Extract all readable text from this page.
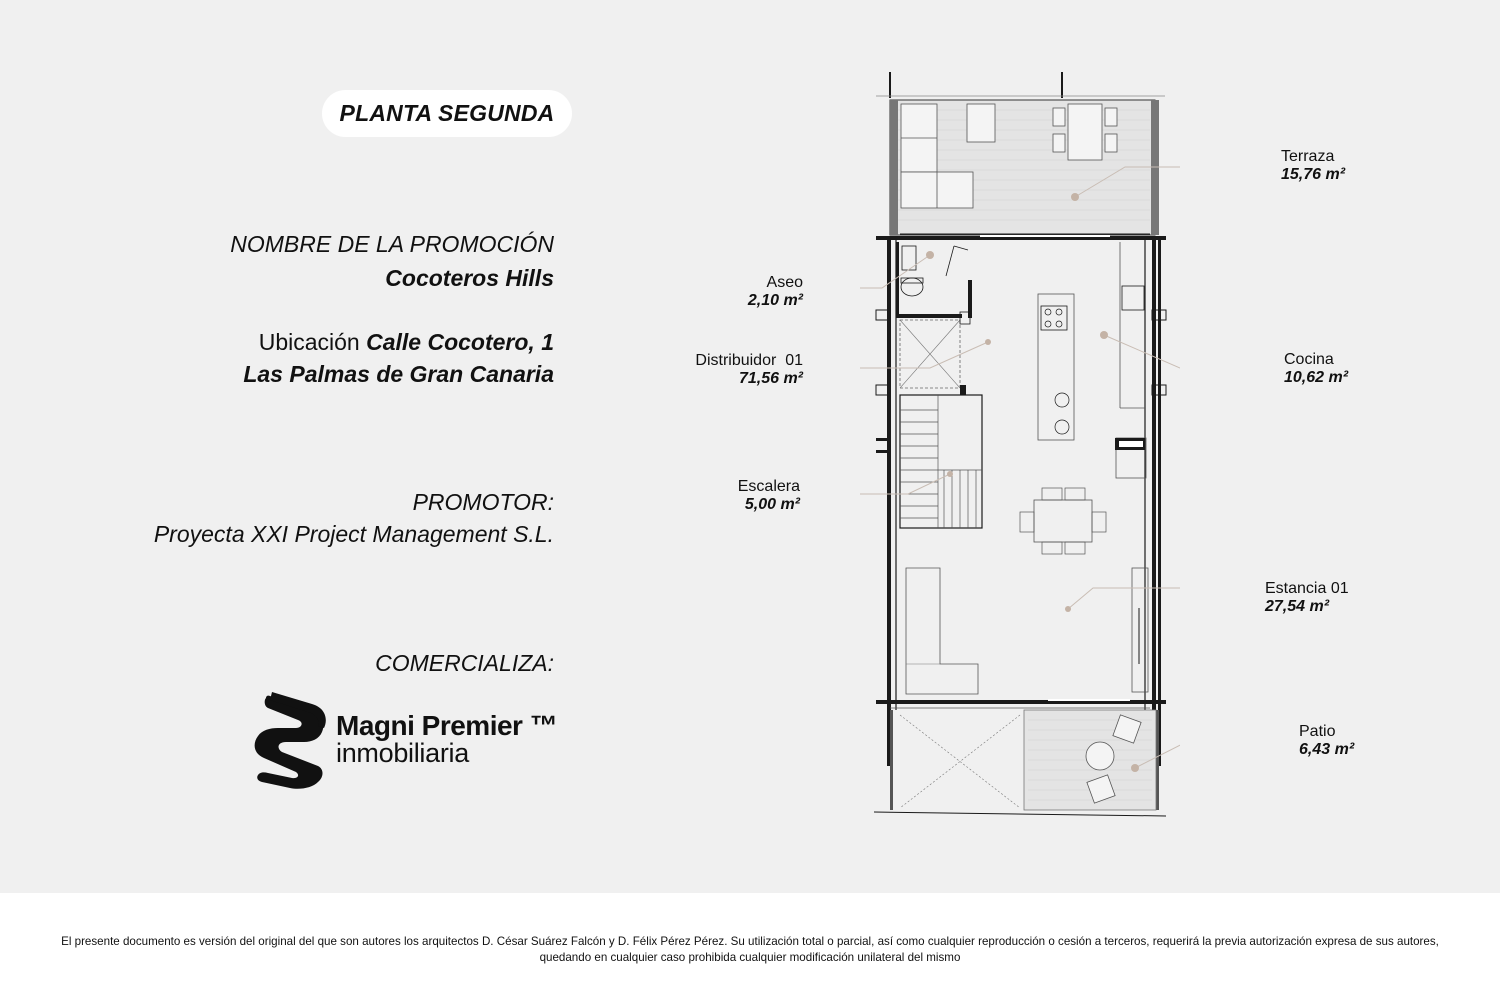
PLANTA SEGUNDA
NOMBRE DE LA PROMOCIÓN
Cocoteros Hills
Ubicación Calle Cocotero, 1
Las Palmas de Gran Canaria
PROMOTOR:
Proyecta XXI Project Management S.L.
COMERCIALIZA:
Magni Premier ™
inmobiliaria
Terraza
15,76 m²
Aseo
2,10 m²
Distribuidor  01
71,56 m²
Cocina
10,62 m²
Escalera
5,00 m²
Estancia 01
27,54 m²
Patio
6,43 m²
El presente documento es versión del original del que son autores los arquitectos D. César Suárez Falcón y D. Félix Pérez Pérez. Su utilización total o parcial, así como cualquier reproducción o cesión a terceros, requerirá la previa autorización expresa de sus autores, quedando en cualquier caso prohibida cualquier modificación unilateral del mismo
